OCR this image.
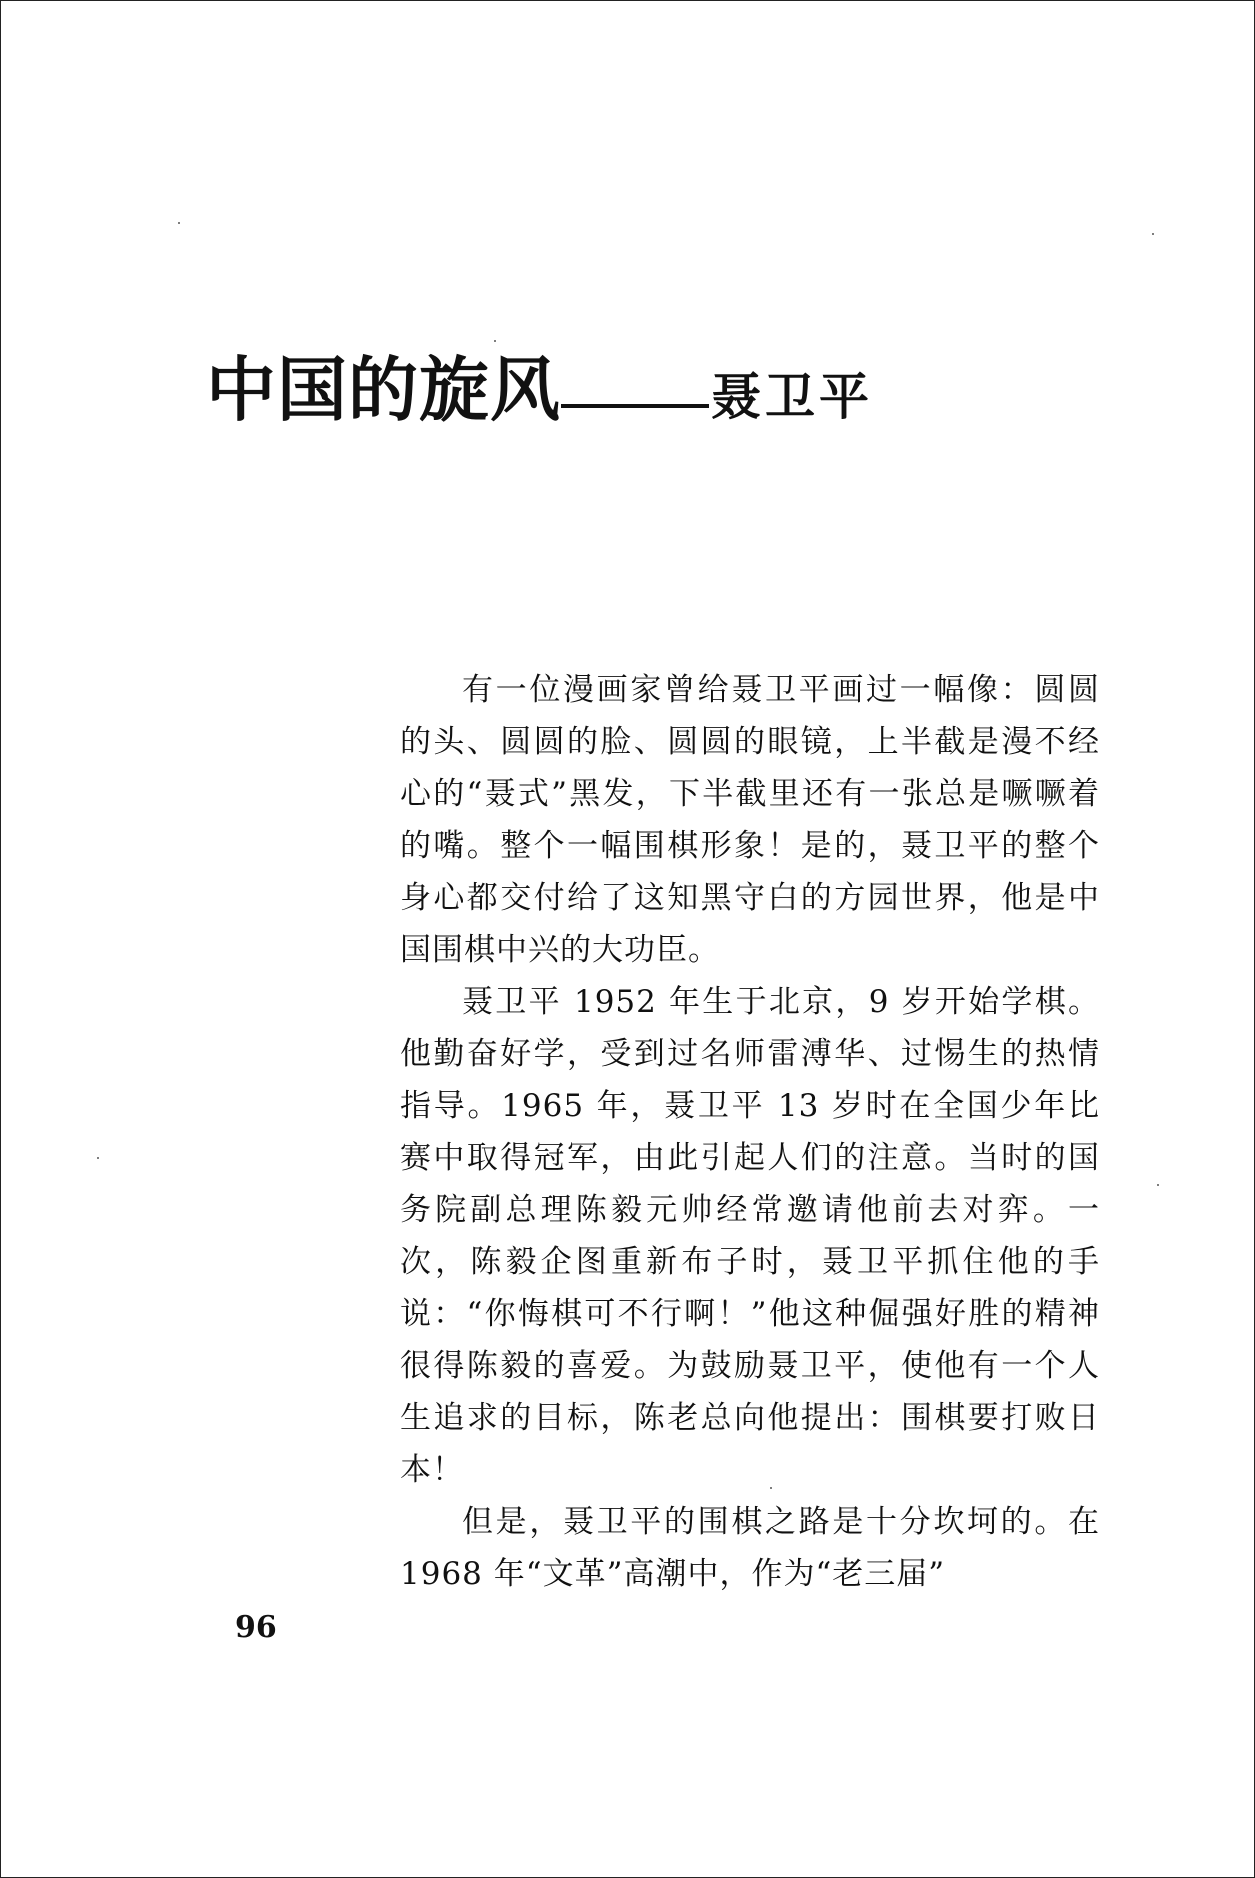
中国的旋风	聂卫平

有一位漫画家曾给聂卫平画过一幅像：圆圆的头、圆圆的脸、圆圆的眼镜，上半截是漫不经心的“聂式”黑发，下半截里还有一张总是噘噘着的嘴。整个一幅围棋形象！是的，聂卫平的整个身心都交付给了这知黑守白的方园世界，他是中国围棋中兴的大功臣。

聂卫平 1952 年生于北京，9 岁开始学棋。他勤奋好学，受到过名师雷溥华、过惕生的热情指导。1965 年，聂卫平 13 岁时在全国少年比赛中取得冠军，由此引起人们的注意。当时的国务院副总理陈毅元帅经常邀请他前去对弈。一次，陈毅企图重新布子时，聂卫平抓住他的手说：“你悔棋可不行啊！”他这种倔强好胜的精神很得陈毅的喜爱。为鼓励聂卫平，使他有一个人生追求的目标，陈老总向他提出：围棋要打败日本！

但是，聂卫平的围棋之路是十分坎坷的。在 1968 年“文革”高潮中，作为“老三届”

96
